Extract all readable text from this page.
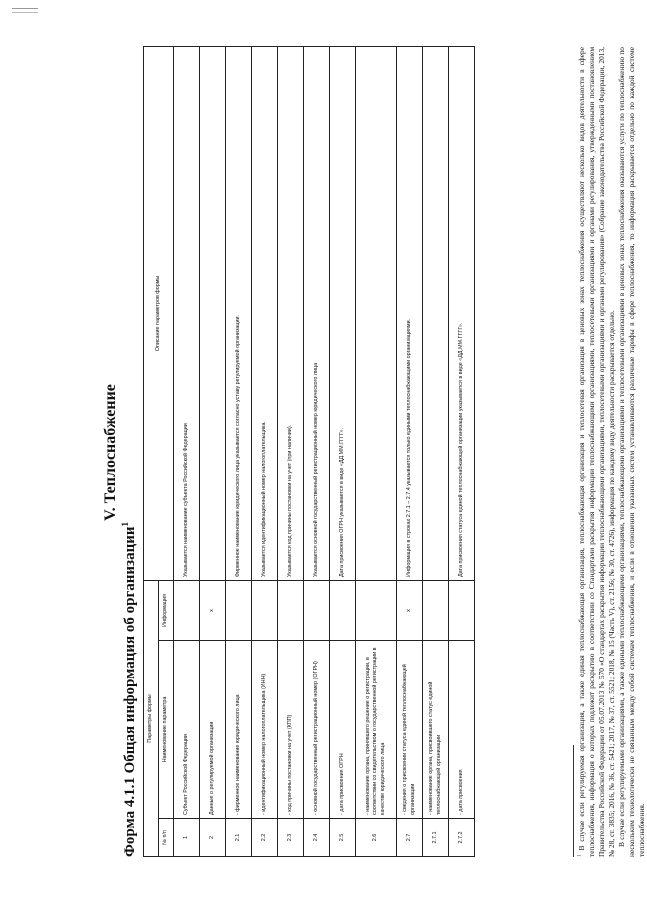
V. Теплоснабжение
Форма 4.1.1 Общая информация об организации$^1$
Параметры формы			Описание параметров формы
№ п/п	Наименование параметра	Информация	
1	Субъект Российской Федерации		Указывается наименование субъекта Российской Федерации
2	Данные о регулируемой организации	x	
2.1	- фирменное наименование юридического лица		Фирменное наименование юридического лица указывается согласно уставу регулируемой организации.
2.2	- идентификационный номер налогоплательщика (ИНН)		Указывается идентификационный номер налогоплательщика.
2.3	- код причины постановки на учет (КПП)		Указывается код причины постановки на учет (при наличии).
2.4	- основной государственный регистрационный номер (ОГРН)		Указывается основной государственный регистрационный номер юридического лица
2.5	- дата присвоения ОГРН		Дата присвоения ОГРН указывается в виде «ДД.ММ.ГГГГ».
2.6	- наименование органа, принявшего решение о регистрации, в соответствии со свидетельством о государственной регистрации в качестве юридического лица		
2.7	- сведения о присвоении статуса единой теплоснабжающей организации	x	Информация в строках 2.7.1 – 2.7.4 указывается только едиными теплоснабжающими организациями.
2.7.1	- наименование органа, присвоившего статус единой теплоснабжающей организации		
2.7.2	- дата присвоения		Дата присвоения статуса единой теплоснабжающей организации указывается в виде «ДД.ММ.ГГГГ».

$^1$ В случае если регулируемая организация, а также единая теплоснабжающая организация, теплоснабжающая организация и теплосетевая организация в ценовых зонах теплоснабжения осуществляют несколько видов деятельности в сфере теплоснабжения, информация о которых подлежит раскрытию в соответствии со Стандартами раскрытия информации теплоснабжающими организациями, теплосетевыми организациями и органами регулирования, утвержденными постановлением Правительства Российской Федерации от 05.07.2013 № 570 «О стандартах раскрытия информации теплоснабжающими организациями, теплосетевыми организациями и органами регулирования» (Собрание законодательства Российской Федерации, 2013, № 28, ст. 3835; 2016, № 36, ст. 5421; 2017, № 37, ст. 5521; 2018, № 15 (Часть V), ст. 2156; № 30, ст. 4726), информация по каждому виду деятельности раскрывается отдельно. В случае если регулируемыми организациями, а также едиными теплоснабжающими организациями, теплоснабжающими организациями и теплосетевыми организациями в ценовых зонах теплоснабжения оказываются услуги по теплоснабжению по нескольким технологически не связанным между собой системам теплоснабжения, и если в отношении указанных систем устанавливаются различные тарифы в сфере теплоснабжения, то информация раскрывается отдельно по каждой системе теплоснабжения.
